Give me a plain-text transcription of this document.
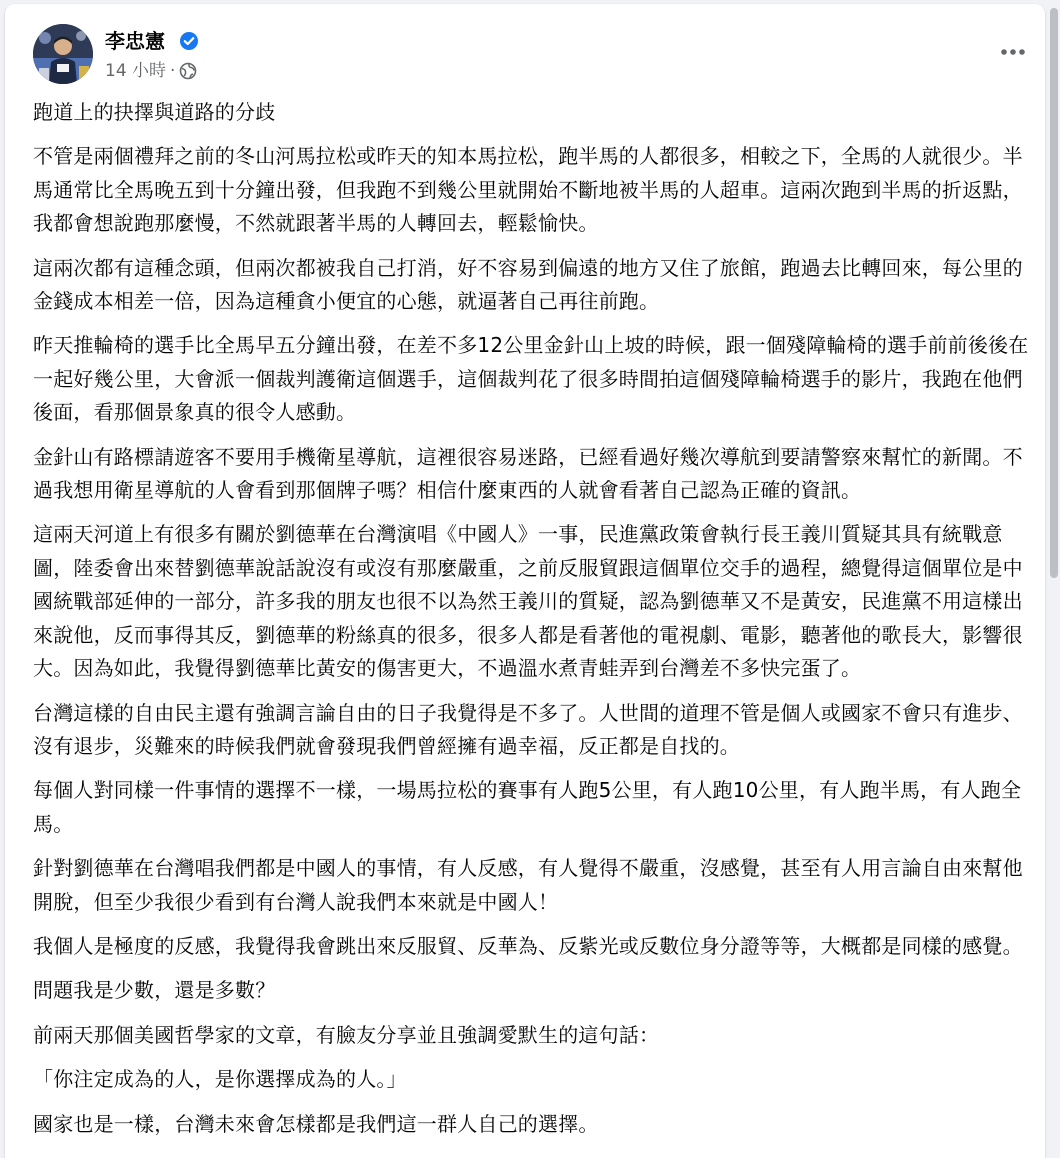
李忠憲
14 小時 ·

跑道上的抉擇與道路的分歧

不管是兩個禮拜之前的冬山河馬拉松或昨天的知本馬拉松，跑半馬的人都很多，相較之下，全馬的人就很少。半馬通常比全馬晚五到十分鐘出發，但我跑不到幾公里就開始不斷地被半馬的人超車。這兩次跑到半馬的折返點，我都會想說跑那麼慢，不然就跟著半馬的人轉回去，輕鬆愉快。

這兩次都有這種念頭，但兩次都被我自己打消，好不容易到偏遠的地方又住了旅館，跑過去比轉回來，每公里的金錢成本相差一倍，因為這種貪小便宜的心態，就逼著自己再往前跑。

昨天推輪椅的選手比全馬早五分鐘出發，在差不多12公里金針山上坡的時候，跟一個殘障輪椅的選手前前後後在一起好幾公里，大會派一個裁判護衛這個選手，這個裁判花了很多時間拍這個殘障輪椅選手的影片，我跑在他們後面，看那個景象真的很令人感動。

金針山有路標請遊客不要用手機衛星導航，這裡很容易迷路，已經看過好幾次導航到要請警察來幫忙的新聞。不過我想用衛星導航的人會看到那個牌子嗎？相信什麼東西的人就會看著自己認為正確的資訊。

這兩天河道上有很多有關於劉德華在台灣演唱《中國人》一事，民進黨政策會執行長王義川質疑其具有統戰意圖，陸委會出來替劉德華說話說沒有或沒有那麼嚴重，之前反服貿跟這個單位交手的過程，總覺得這個單位是中國統戰部延伸的一部分，許多我的朋友也很不以為然王義川的質疑，認為劉德華又不是黃安，民進黨不用這樣出來說他，反而事得其反，劉德華的粉絲真的很多，很多人都是看著他的電視劇、電影，聽著他的歌長大，影響很大。因為如此，我覺得劉德華比黃安的傷害更大，不過溫水煮青蛙弄到台灣差不多快完蛋了。

台灣這樣的自由民主還有強調言論自由的日子我覺得是不多了。人世間的道理不管是個人或國家不會只有進步、沒有退步，災難來的時候我們就會發現我們曾經擁有過幸福，反正都是自找的。

每個人對同樣一件事情的選擇不一樣，一場馬拉松的賽事有人跑5公里，有人跑10公里，有人跑半馬，有人跑全馬。

針對劉德華在台灣唱我們都是中國人的事情，有人反感，有人覺得不嚴重，沒感覺，甚至有人用言論自由來幫他開脫，但至少我很少看到有台灣人說我們本來就是中國人！

我個人是極度的反感，我覺得我會跳出來反服貿、反華為、反紫光或反數位身分證等等，大概都是同樣的感覺。

問題我是少數，還是多數？

前兩天那個美國哲學家的文章，有臉友分享並且強調愛默生的這句話：

「你注定成為的人，是你選擇成為的人。」

國家也是一樣，台灣未來會怎樣都是我們這一群人自己的選擇。
